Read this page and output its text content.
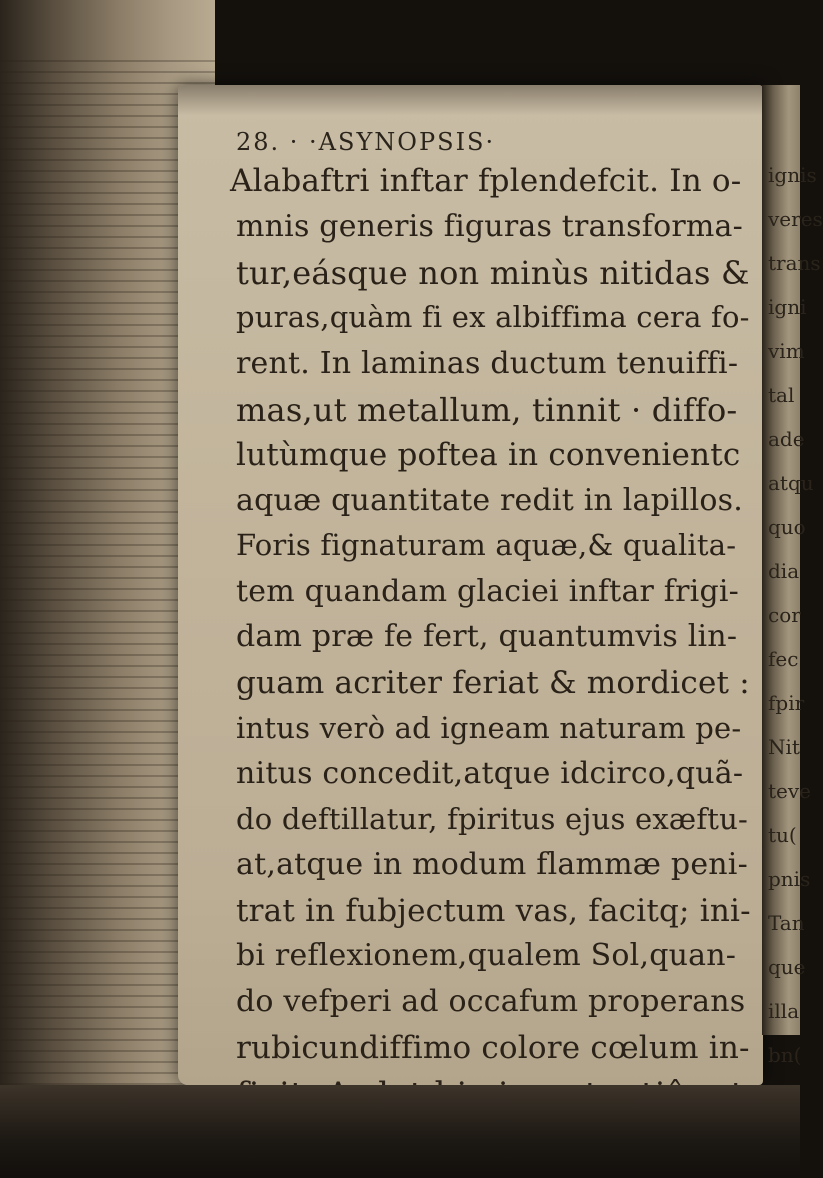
28. · ·ASYNOPSIS·
Alabaftri inftar fplendefcit. In o-
mnis generis figuras transforma-
tur,eásque non minùs nitidas &
puras,quàm fi ex albiffima cera fo-
rent. In laminas ductum tenuiffi-
mas,ut metallum, tinnit · diffo-
lutùmque poftea in convenientc
aquæ quantitate redit in lapillos.
Foris fignaturam aquæ,& qualita-
tem quandam glaciei inftar frigi-
dam præ fe fert, quantumvis lin-
guam acriter feriat & mordicet :
intus verò ad igneam naturam pe-
nitus concedit,atque idcirco,quã-
do deftillatur, fpiritus ejus exæftu-
at,atque in modum flammæ peni-
trat in fubjectum vas, facitq; ini-
bi reflexionem,qualem Sol,quan-
do vefperi ad occafum properans
rubicundiffimo colore cœlum in-
ignis
veres
trans
igni
vim
tal
ade
atqu
quo
dia
cor
fec
fpir
Nit
teve
tu(
pnis
Tan
que
illa
bn(
